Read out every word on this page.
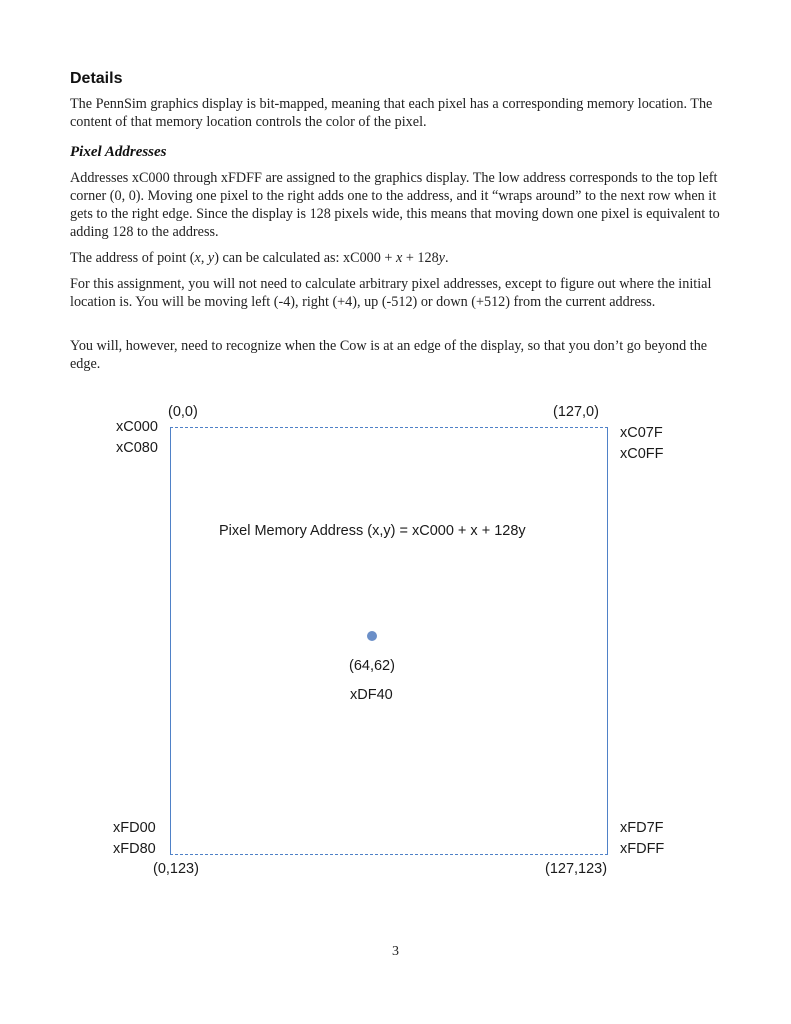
Details

The PennSim graphics display is bit-mapped, meaning that each pixel has a corresponding memory location. The content of that memory location controls the color of the pixel.

Pixel Addresses

Addresses xC000 through xFDFF are assigned to the graphics display. The low address corresponds to the top left corner (0, 0). Moving one pixel to the right adds one to the address, and it “wraps around” to the next row when it gets to the right edge. Since the display is 128 pixels wide, this means that moving down one pixel is equivalent to adding 128 to the address.

The address of point (x, y) can be calculated as: xC000 + x + 128y.

For this assignment, you will not need to calculate arbitrary pixel addresses, except to figure out where the initial location is. You will be moving left (-4), right (+4), up (-512) or down (+512) from the current address.

You will, however, need to recognize when the Cow is at an edge of the display, so that you don’t go beyond the edge.

(0,0)	(127,0)
xC000
xC080
xC07F
xC0FF
Pixel Memory Address (x,y) = xC000 + x + 128y
(64,62)
xDF40
xFD00
xFD80
xFD7F
xFDFF
(0,123)	(127,123)

3
